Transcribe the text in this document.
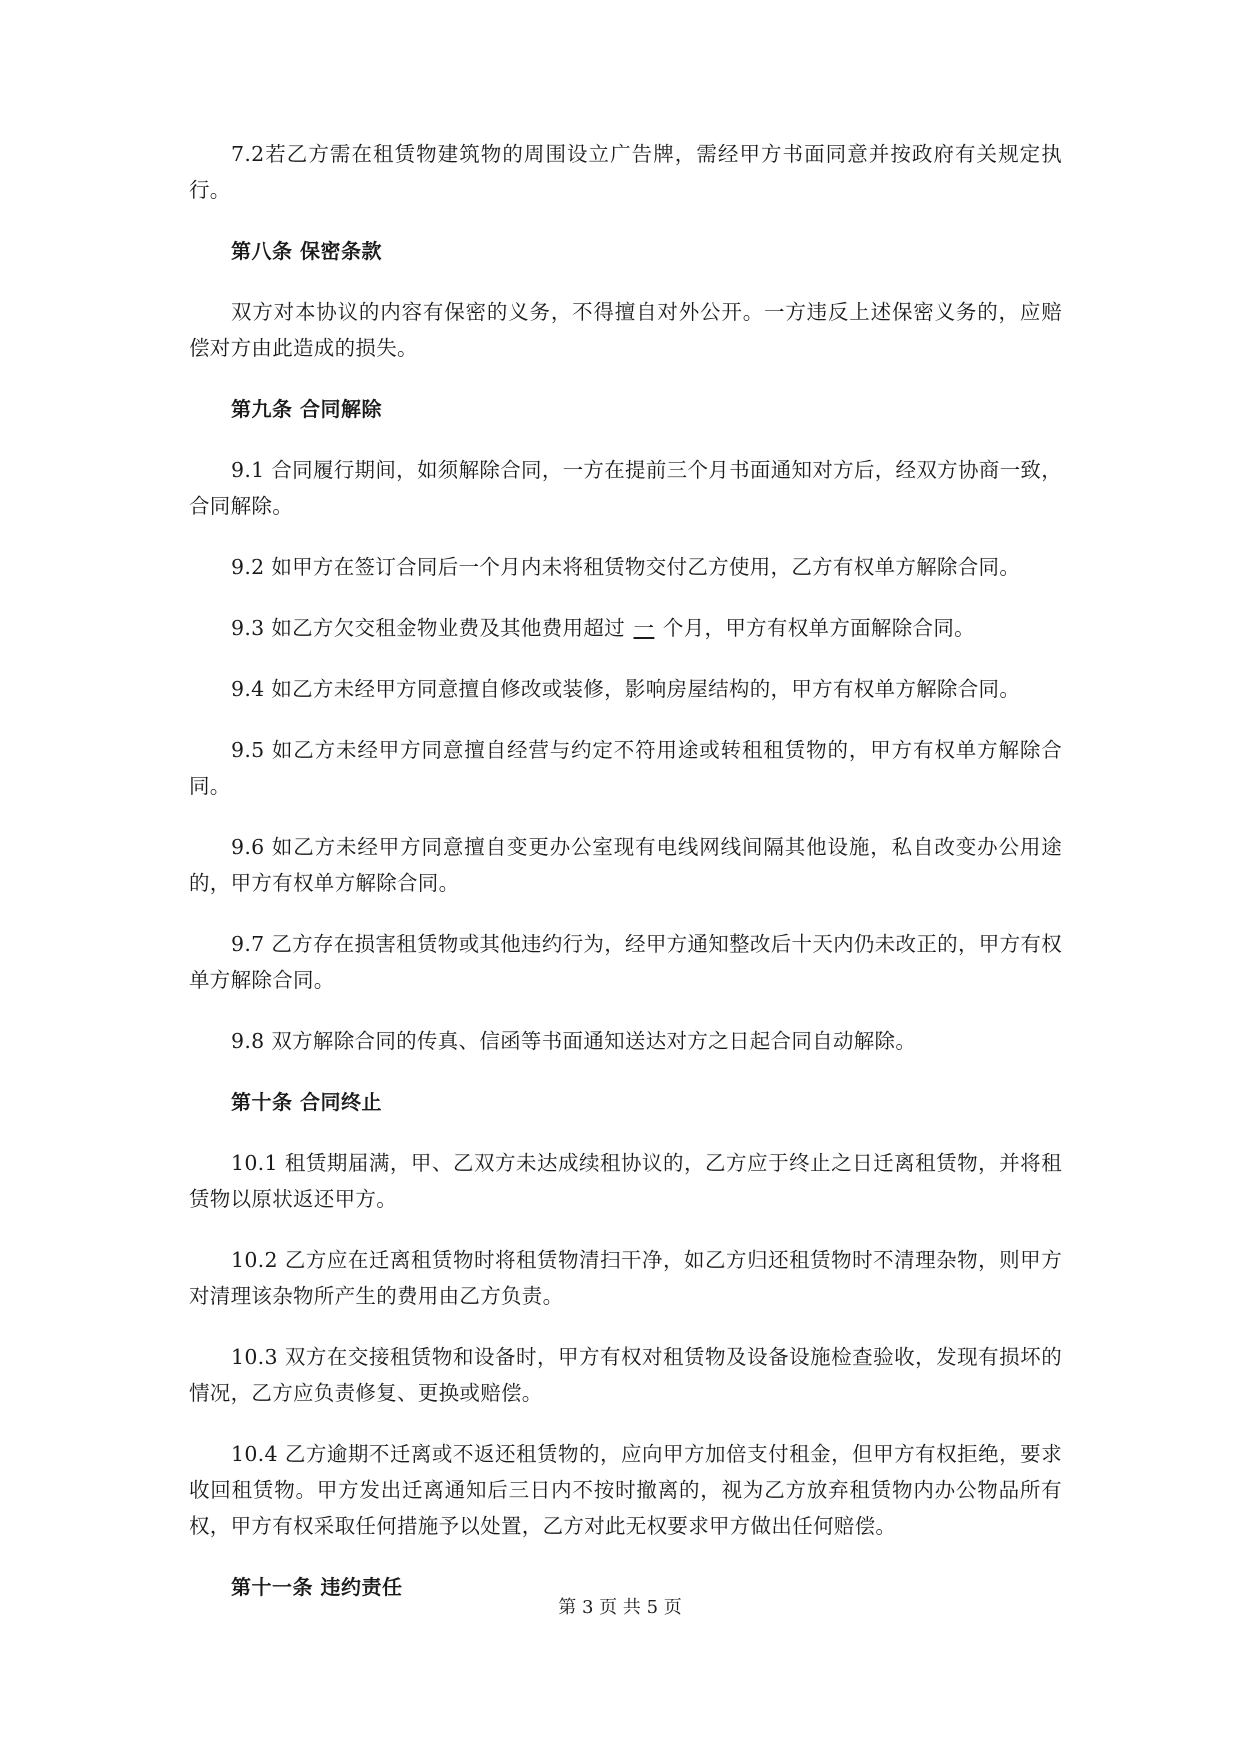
7.2若乙方需在租赁物建筑物的周围设立广告牌，需经甲方书面同意并按政府有关规定执行。

第八条 保密条款

双方对本协议的内容有保密的义务，不得擅自对外公开。一方违反上述保密义务的，应赔偿对方由此造成的损失。

第九条 合同解除

9.1 合同履行期间，如须解除合同，一方在提前三个月书面通知对方后，经双方协商一致，合同解除。

9.2 如甲方在签订合同后一个月内未将租赁物交付乙方使用，乙方有权单方解除合同。

9.3 如乙方欠交租金物业费及其他费用超过 一 个月，甲方有权单方面解除合同。

9.4 如乙方未经甲方同意擅自修改或装修，影响房屋结构的，甲方有权单方解除合同。

9.5 如乙方未经甲方同意擅自经营与约定不符用途或转租租赁物的，甲方有权单方解除合同。

9.6 如乙方未经甲方同意擅自变更办公室现有电线网线间隔其他设施，私自改变办公用途的，甲方有权单方解除合同。

9.7 乙方存在损害租赁物或其他违约行为，经甲方通知整改后十天内仍未改正的，甲方有权单方解除合同。

9.8 双方解除合同的传真、信函等书面通知送达对方之日起合同自动解除。

第十条 合同终止

10.1 租赁期届满，甲、乙双方未达成续租协议的，乙方应于终止之日迁离租赁物，并将租赁物以原状返还甲方。

10.2 乙方应在迁离租赁物时将租赁物清扫干净，如乙方归还租赁物时不清理杂物，则甲方对清理该杂物所产生的费用由乙方负责。

10.3 双方在交接租赁物和设备时，甲方有权对租赁物及设备设施检查验收，发现有损坏的情况，乙方应负责修复、更换或赔偿。

10.4 乙方逾期不迁离或不返还租赁物的，应向甲方加倍支付租金，但甲方有权拒绝，要求收回租赁物。甲方发出迁离通知后三日内不按时撤离的，视为乙方放弃租赁物内办公物品所有权，甲方有权采取任何措施予以处置，乙方对此无权要求甲方做出任何赔偿。

第十一条 违约责任

第 3 页 共 5 页
